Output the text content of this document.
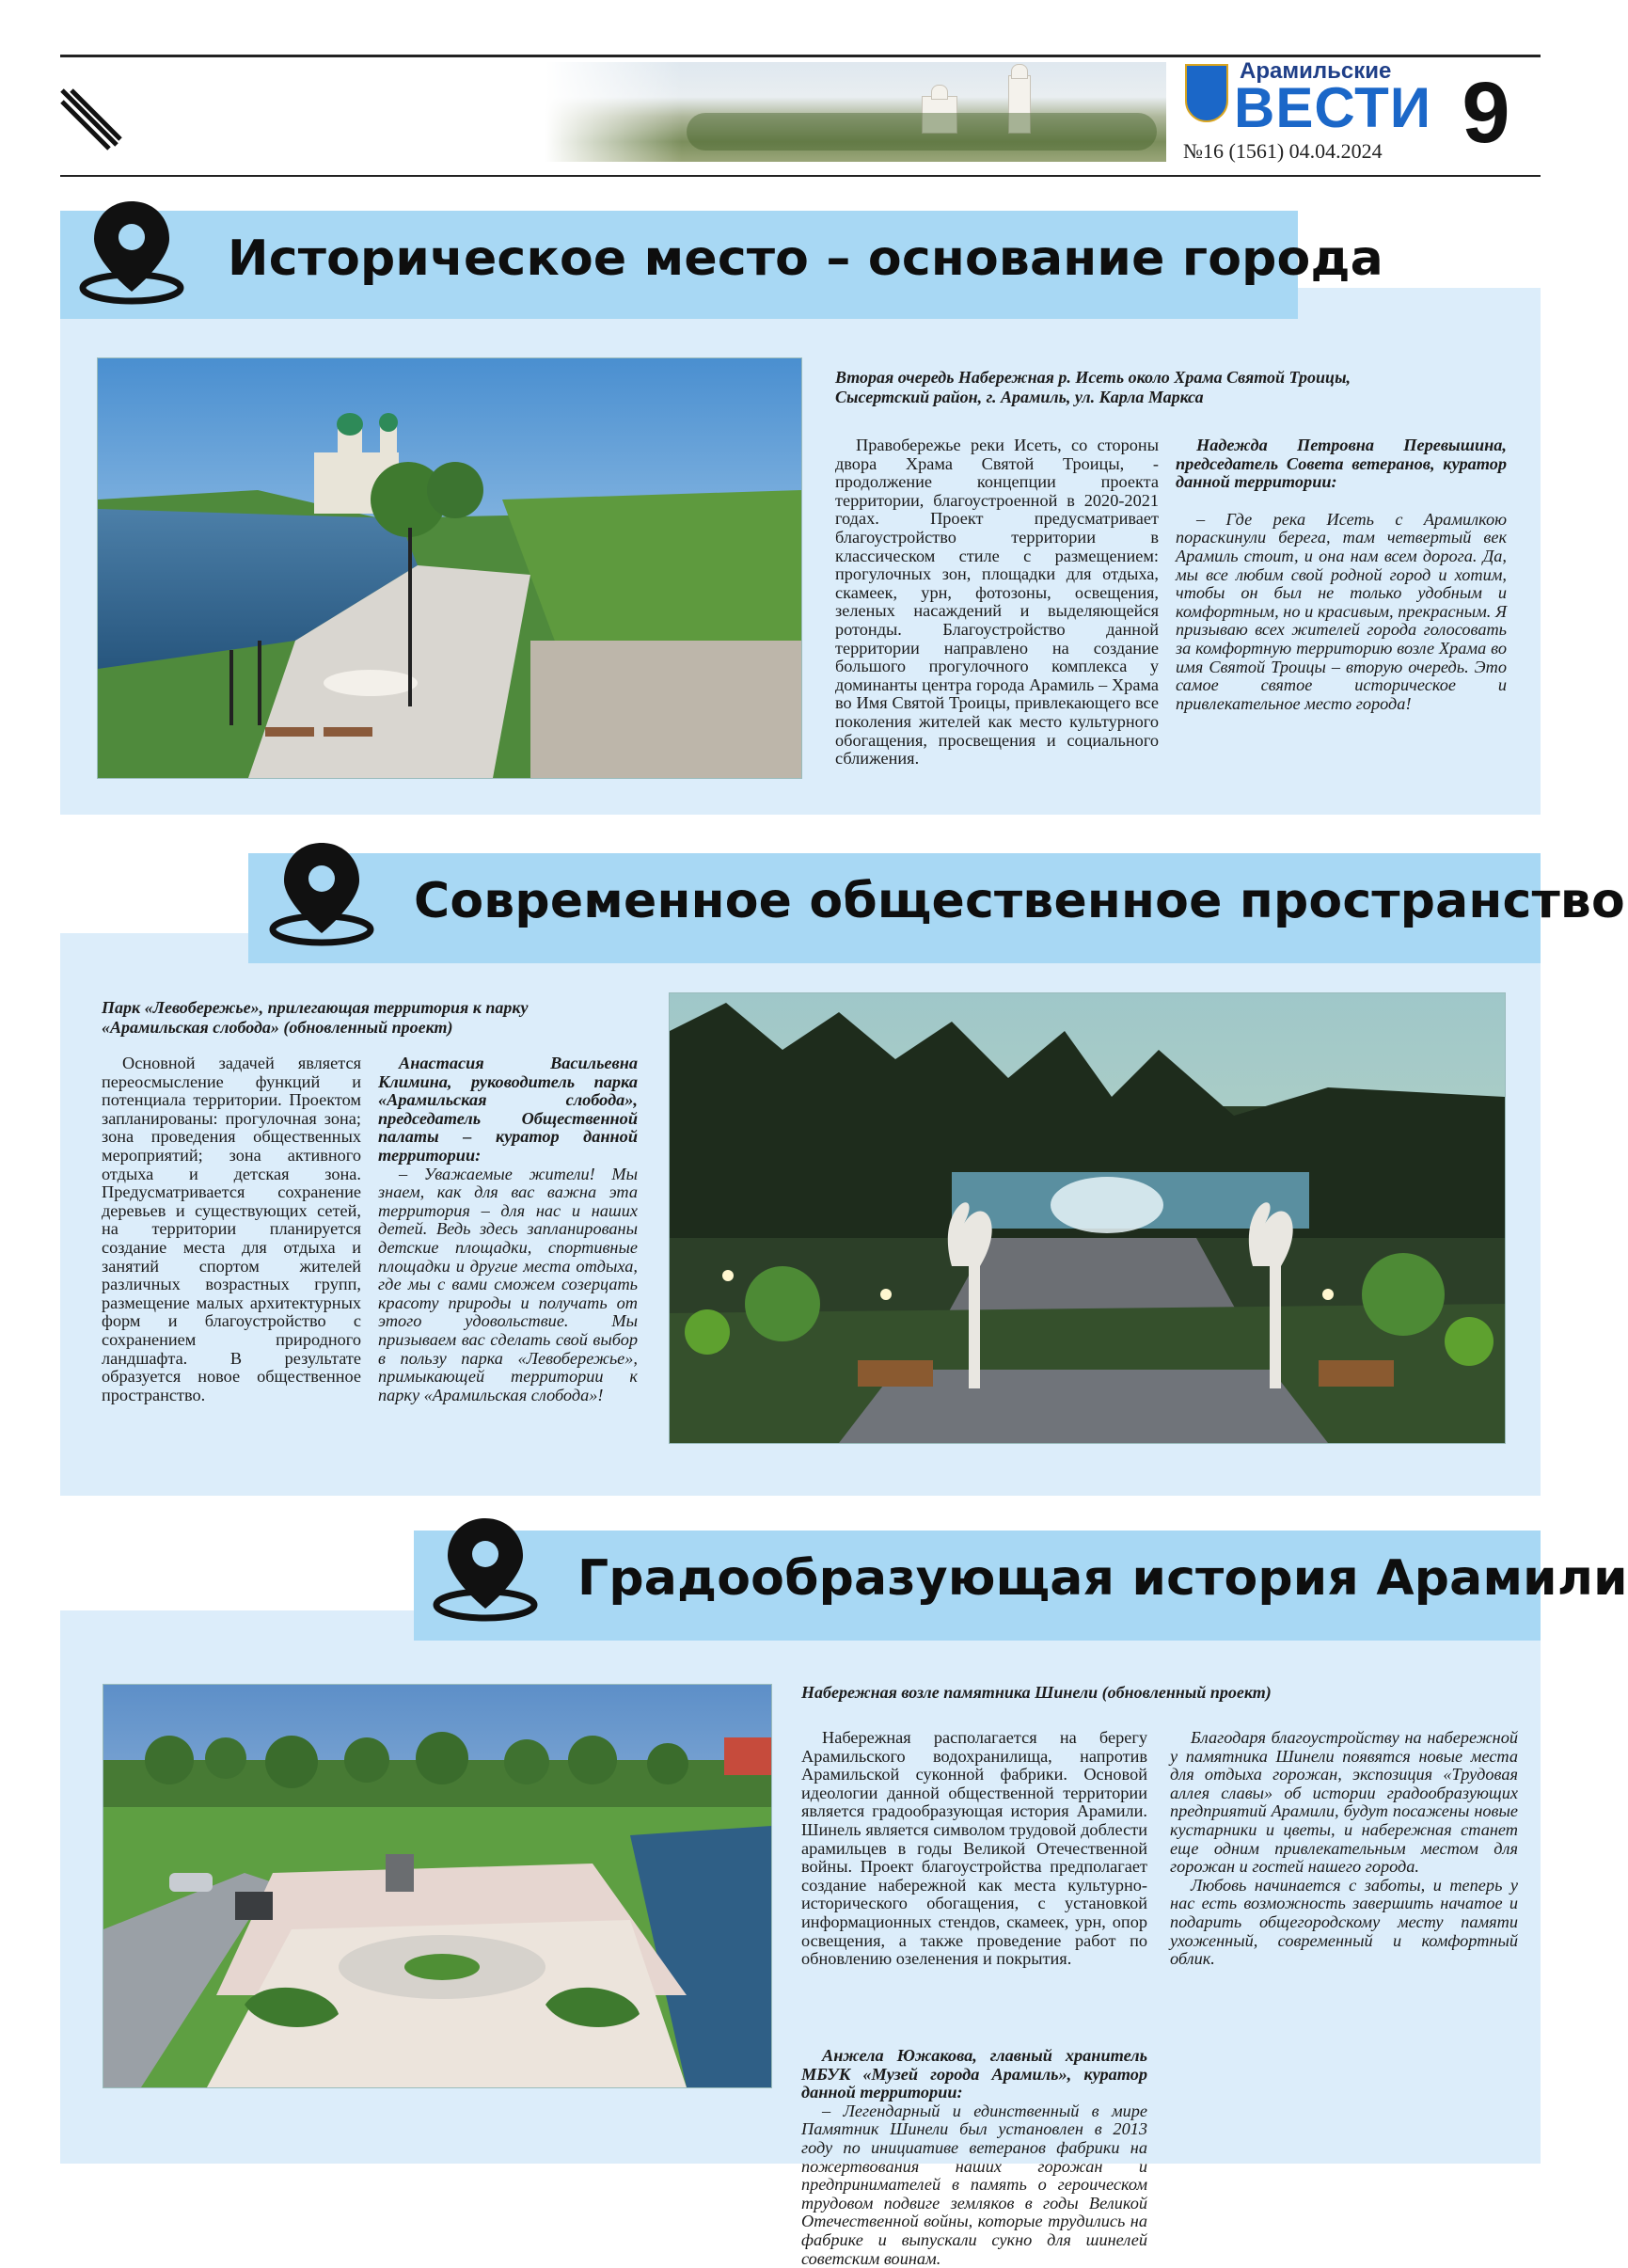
Арамильские
ВЕСТИ
№16 (1561) 04.04.2024 9
Историческое место – основание города
Вторая очередь Набережная р. Исеть около Храма Святой Троицы, Сысертский район, г. Арамиль, ул. Карла Маркса

Правобережье реки Исеть, со стороны двора Храма Святой Троицы, - продолжение концепции проекта территории, благоустроенной в 2020-2021 годах. Проект предусматривает благоустройство территории в классическом стиле с размещением: прогулочных зон, площадки для отдыха, скамеек, урн, фотозоны, освещения, зеленых насаждений и выделяющейся ротонды. Благоустройство данной территории направлено на создание большого прогулочного комплекса у доминанты центра города Арамиль – Храма во Имя Святой Троицы, привлекающего все поколения жителей как место культурного обогащения, просвещения и социального сближения.

Надежда Петровна Перевышина, председатель Совета ветеранов, куратор данной территории:

– Где река Исеть с Арамилкою пораскинули берега, там четвертый век Арамиль стоит, и она нам всем дорога. Да, мы все любим свой родной город и хотим, чтобы он был не только удобным и комфортным, но и красивым, прекрасным. Я призываю всех жителей города голосовать за комфортную территорию возле Храма во имя Святой Троицы – вторую очередь. Это самое святое историческое и привлекательное место города!

Современное общественное пространство
Парк «Левобережье», прилегающая территория к парку «Арамильская слобода» (обновленный проект)

Основной задачей является переосмысление функций и потенциала территории. Проектом запланированы: прогулочная зона; зона проведения общественных мероприятий; зона активного отдыха и детская зона. Предусматривается сохранение деревьев и существующих сетей, на территории планируется создание места для отдыха и занятий спортом жителей различных возрастных групп, размещение малых архитектурных форм и благоустройство с сохранением природного ландшафта. В результате образуется новое общественное пространство.

Анастасия Васильевна Климина, руководитель парка «Арамильская слобода», председатель Общественной палаты – куратор данной территории:

– Уважаемые жители! Мы знаем, как для вас важна эта территория – для нас и наших детей. Ведь здесь запланированы детские площадки, спортивные площадки и другие места отдыха, где мы с вами сможем созерцать красоту природы и получать от этого удовольствие. Мы призываем вас сделать свой выбор в пользу парка «Левобережье», примыкающей территории к парку «Арамильская слобода»!

Градообразующая история Арамили
Набережная возле памятника Шинели (обновленный проект)

Набережная располагается на берегу Арамильского водохранилища, напротив Арамильской суконной фабрики. Основой идеологии данной общественной территории является градообразующая история Арамили. Шинель является символом трудовой доблести арамильцев в годы Великой Отечественной войны. Проект благоустройства предполагает создание набережной как места культурно-исторического обогащения, с установкой информационных стендов, скамеек, урн, опор освещения, а также проведение работ по обновлению озеленения и покрытия.

Анжела Южакова, главный хранитель МБУК «Музей города Арамиль», куратор данной территории:

– Легендарный и единственный в мире Памятник Шинели был установлен в 2013 году по инициативе ветеранов фабрики на пожертвования наших горожан и предпринимателей в память о героическом трудовом подвиге земляков в годы Великой Отечественной войны, которые трудились на фабрике и выпускали сукно для шинелей советским воинам.

Благодаря благоустройству на набережной у памятника Шинели появятся новые места для отдыха горожан, экспозиция «Трудовая аллея славы» об истории градообразующих предприятий Арамили, будут посажены новые кустарники и цветы, и набережная станет еще одним привлекательным местом для горожан и гостей нашего города.

Любовь начинается с заботы, и теперь у нас есть возможность завершить начатое и подарить общегородскому месту памяти ухоженный, современный и комфортный облик.
